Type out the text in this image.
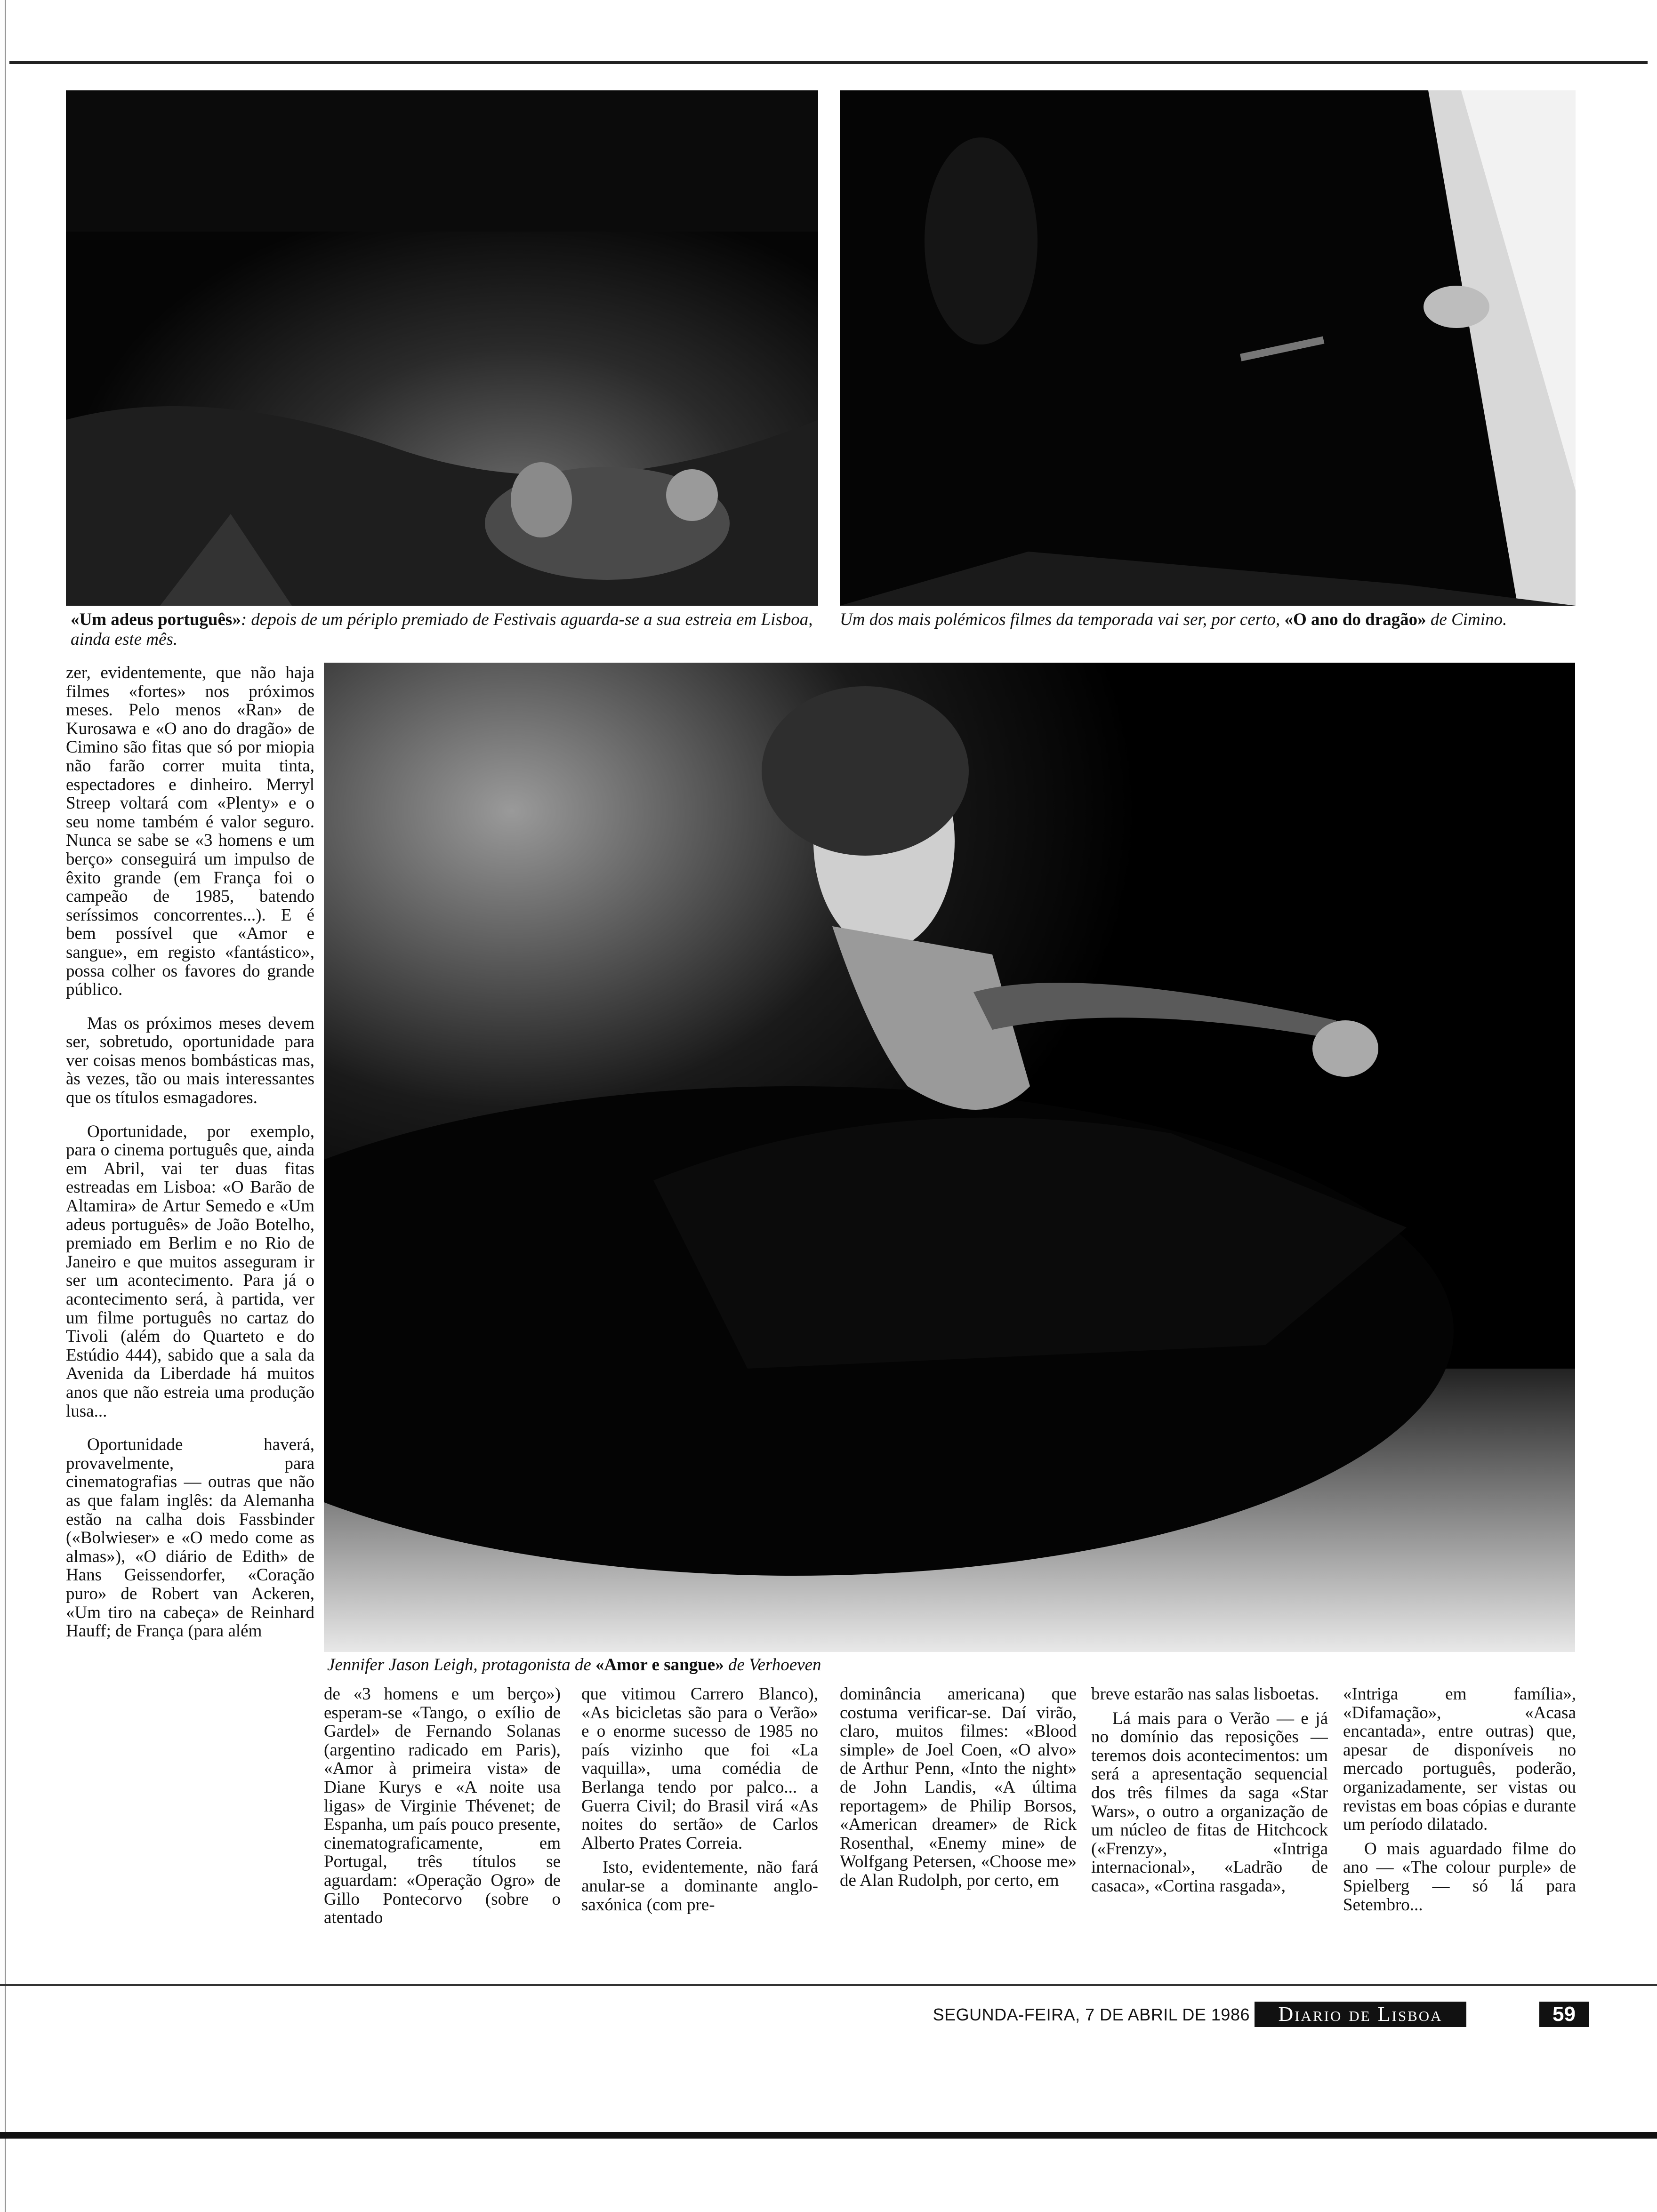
«Um adeus português»: depois de um périplo premiado de Festivais aguarda-se a sua estreia em Lisboa, ainda este mês.
Um dos mais polémicos filmes da temporada vai ser, por certo, «O ano do dragão» de Cimino.
Jennifer Jason Leigh, protagonista de «Amor e sangue» de Verhoeven

zer, evidentemente, que não haja filmes «fortes» nos próximos meses. Pelo menos «Ran» de Kurosawa e «O ano do dragão» de Cimino são fitas que só por miopia não farão correr muita tinta, espectadores e dinheiro. Merryl Streep voltará com «Plenty» e o seu nome também é valor seguro. Nunca se sabe se «3 homens e um berço» conseguirá um impulso de êxito grande (em França foi o campeão de 1985, batendo seríssimos concorrentes...). E é bem possível que «Amor e sangue», em registo «fantástico», possa colher os favores do grande público.

Mas os próximos meses devem ser, sobretudo, oportunidade para ver coisas menos bombásticas mas, às vezes, tão ou mais interessantes que os títulos esmagadores.

Oportunidade, por exemplo, para o cinema português que, ainda em Abril, vai ter duas fitas estreadas em Lisboa: «O Barão de Altamira» de Artur Semedo e «Um adeus português» de João Botelho, premiado em Berlim e no Rio de Janeiro e que muitos asseguram ir ser um acontecimento. Para já o acontecimento será, à partida, ver um filme português no cartaz do Tivoli (além do Quarteto e do Estúdio 444), sabido que a sala da Avenida da Liberdade há muitos anos que não estreia uma produção lusa...

Oportunidade haverá, provavelmente, para cinematografias — outras que não as que falam inglês: da Alemanha estão na calha dois Fassbinder («Bolwieser» e «O medo come as almas»), «O diário de Edith» de Hans Geissendorfer, «Coração puro» de Robert van Ackeren, «Um tiro na cabeça» de Reinhard Hauff; de França (para além

de «3 homens e um berço») esperam-se «Tango, o exílio de Gardel» de Fernando Solanas (argentino radicado em Paris), «Amor à primeira vista» de Diane Kurys e «A noite usa ligas» de Virginie Thévenet; de Espanha, um país pouco presente, cinematograficamente, em Portugal, três títulos se aguardam: «Operação Ogro» de Gillo Pontecorvo (sobre o atentado

que vitimou Carrero Blanco), «As bicicletas são para o Verão» e o enorme sucesso de 1985 no país vizinho que foi «La vaquilla», uma comédia de Berlanga tendo por palco... a Guerra Civil; do Brasil virá «As noites do sertão» de Carlos Alberto Prates Correia.

Isto, evidentemente, não fará anular-se a dominante anglo-saxónica (com pre-

dominância americana) que costuma verificar-se. Daí virão, claro, muitos filmes: «Blood simple» de Joel Coen, «O alvo» de Arthur Penn, «Into the night» de John Landis, «A última reportagem» de Philip Borsos, «American dreamer» de Rick Rosenthal, «Enemy mine» de Wolfgang Petersen, «Choose me» de Alan Rudolph, por certo, em

breve estarão nas salas lisboetas.

Lá mais para o Verão — e já no domínio das reposições — teremos dois acontecimentos: um será a apresentação sequencial dos três filmes da saga «Star Wars», o outro a organização de um núcleo de fitas de Hitchcock («Frenzy», «Intriga internacional», «Ladrão de casaca», «Cortina rasgada»,

«Intriga em família», «Difamação», «Acasa encantada», entre outras) que, apesar de disponíveis no mercado português, poderão, organizadamente, ser vistas ou revistas em boas cópias e durante um período dilatado.

O mais aguardado filme do ano — «The colour purple» de Spielberg — só lá para Setembro...

SEGUNDA-FEIRA, 7 DE ABRIL DE 1986	Diario de Lisboa	59
